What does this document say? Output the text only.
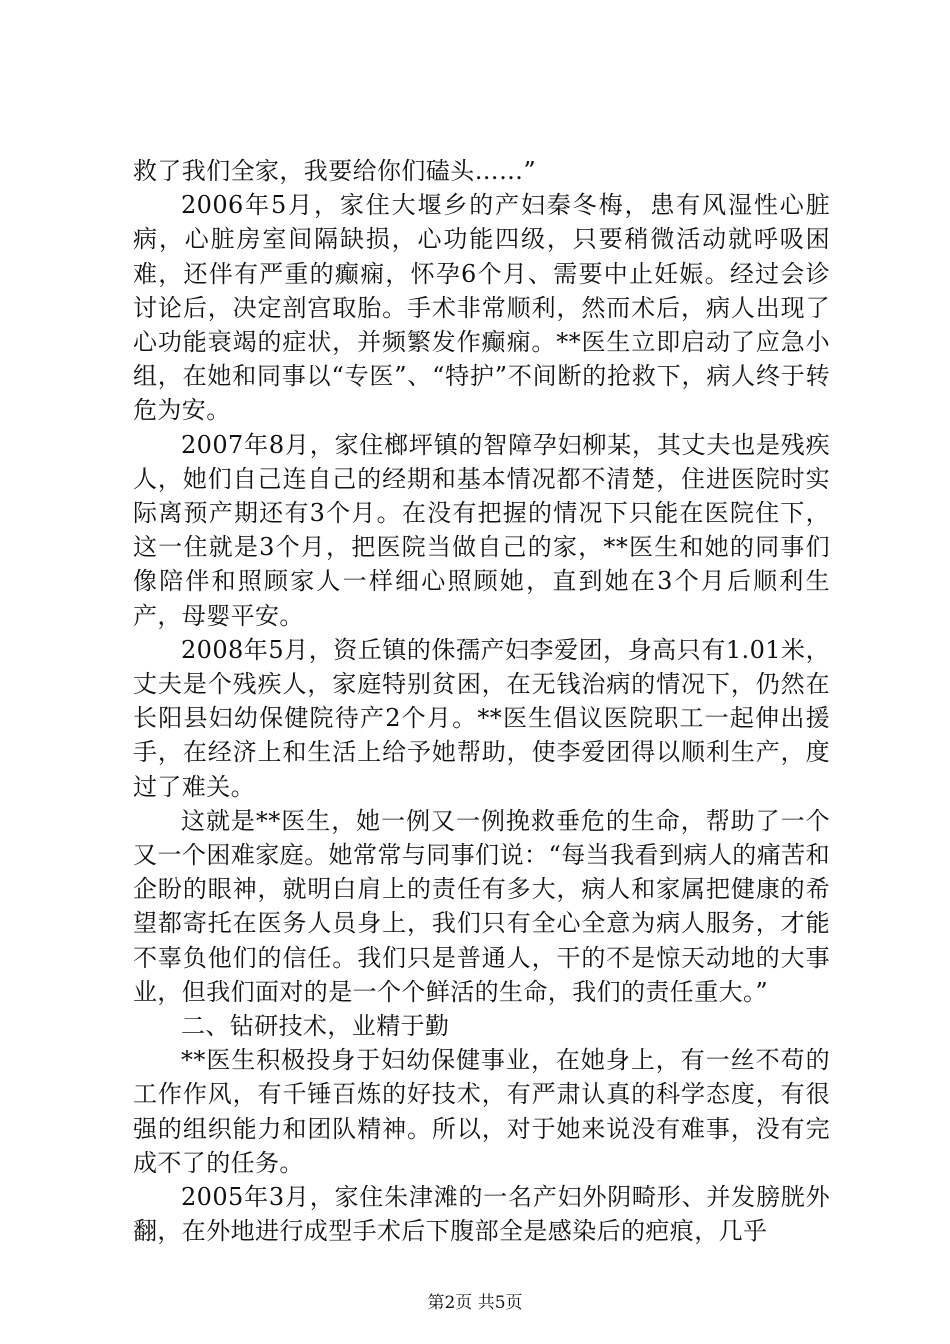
救了我们全家，我要给你们磕头……”

2006年5月，家住大堰乡的产妇秦冬梅，患有风湿性心脏病，心脏房室间隔缺损，心功能四级，只要稍微活动就呼吸困难，还伴有严重的癫痫，怀孕6个月、需要中止妊娠。经过会诊讨论后，决定剖宫取胎。手术非常顺利，然而术后，病人出现了心功能衰竭的症状，并频繁发作癫痫。**医生立即启动了应急小组，在她和同事以“专医”、“特护”不间断的抢救下，病人终于转危为安。

2007年8月，家住榔坪镇的智障孕妇柳某，其丈夫也是残疾人，她们自己连自己的经期和基本情况都不清楚，住进医院时实际离预产期还有3个月。在没有把握的情况下只能在医院住下，这一住就是3个月，把医院当做自己的家，**医生和她的同事们像陪伴和照顾家人一样细心照顾她，直到她在3个月后顺利生产，母婴平安。

2008年5月，资丘镇的侏孺产妇李爱团，身高只有1.01米，丈夫是个残疾人，家庭特别贫困，在无钱治病的情况下，仍然在长阳县妇幼保健院待产2个月。**医生倡议医院职工一起伸出援手，在经济上和生活上给予她帮助，使李爱团得以顺利生产，度过了难关。

这就是**医生，她一例又一例挽救垂危的生命，帮助了一个又一个困难家庭。她常常与同事们说：“每当我看到病人的痛苦和企盼的眼神，就明白肩上的责任有多大，病人和家属把健康的希望都寄托在医务人员身上，我们只有全心全意为病人服务，才能不辜负他们的信任。我们只是普通人，干的不是惊天动地的大事业，但我们面对的是一个个鲜活的生命，我们的责任重大。”

二、钻研技术，业精于勤

**医生积极投身于妇幼保健事业，在她身上，有一丝不苟的工作作风，有千锤百炼的好技术，有严肃认真的科学态度，有很强的组织能力和团队精神。所以，对于她来说没有难事，没有完成不了的任务。

2005年3月，家住朱津滩的一名产妇外阴畸形、并发膀胱外翻，在外地进行成型手术后下腹部全是感染后的疤痕，几乎

第2页 共5页
